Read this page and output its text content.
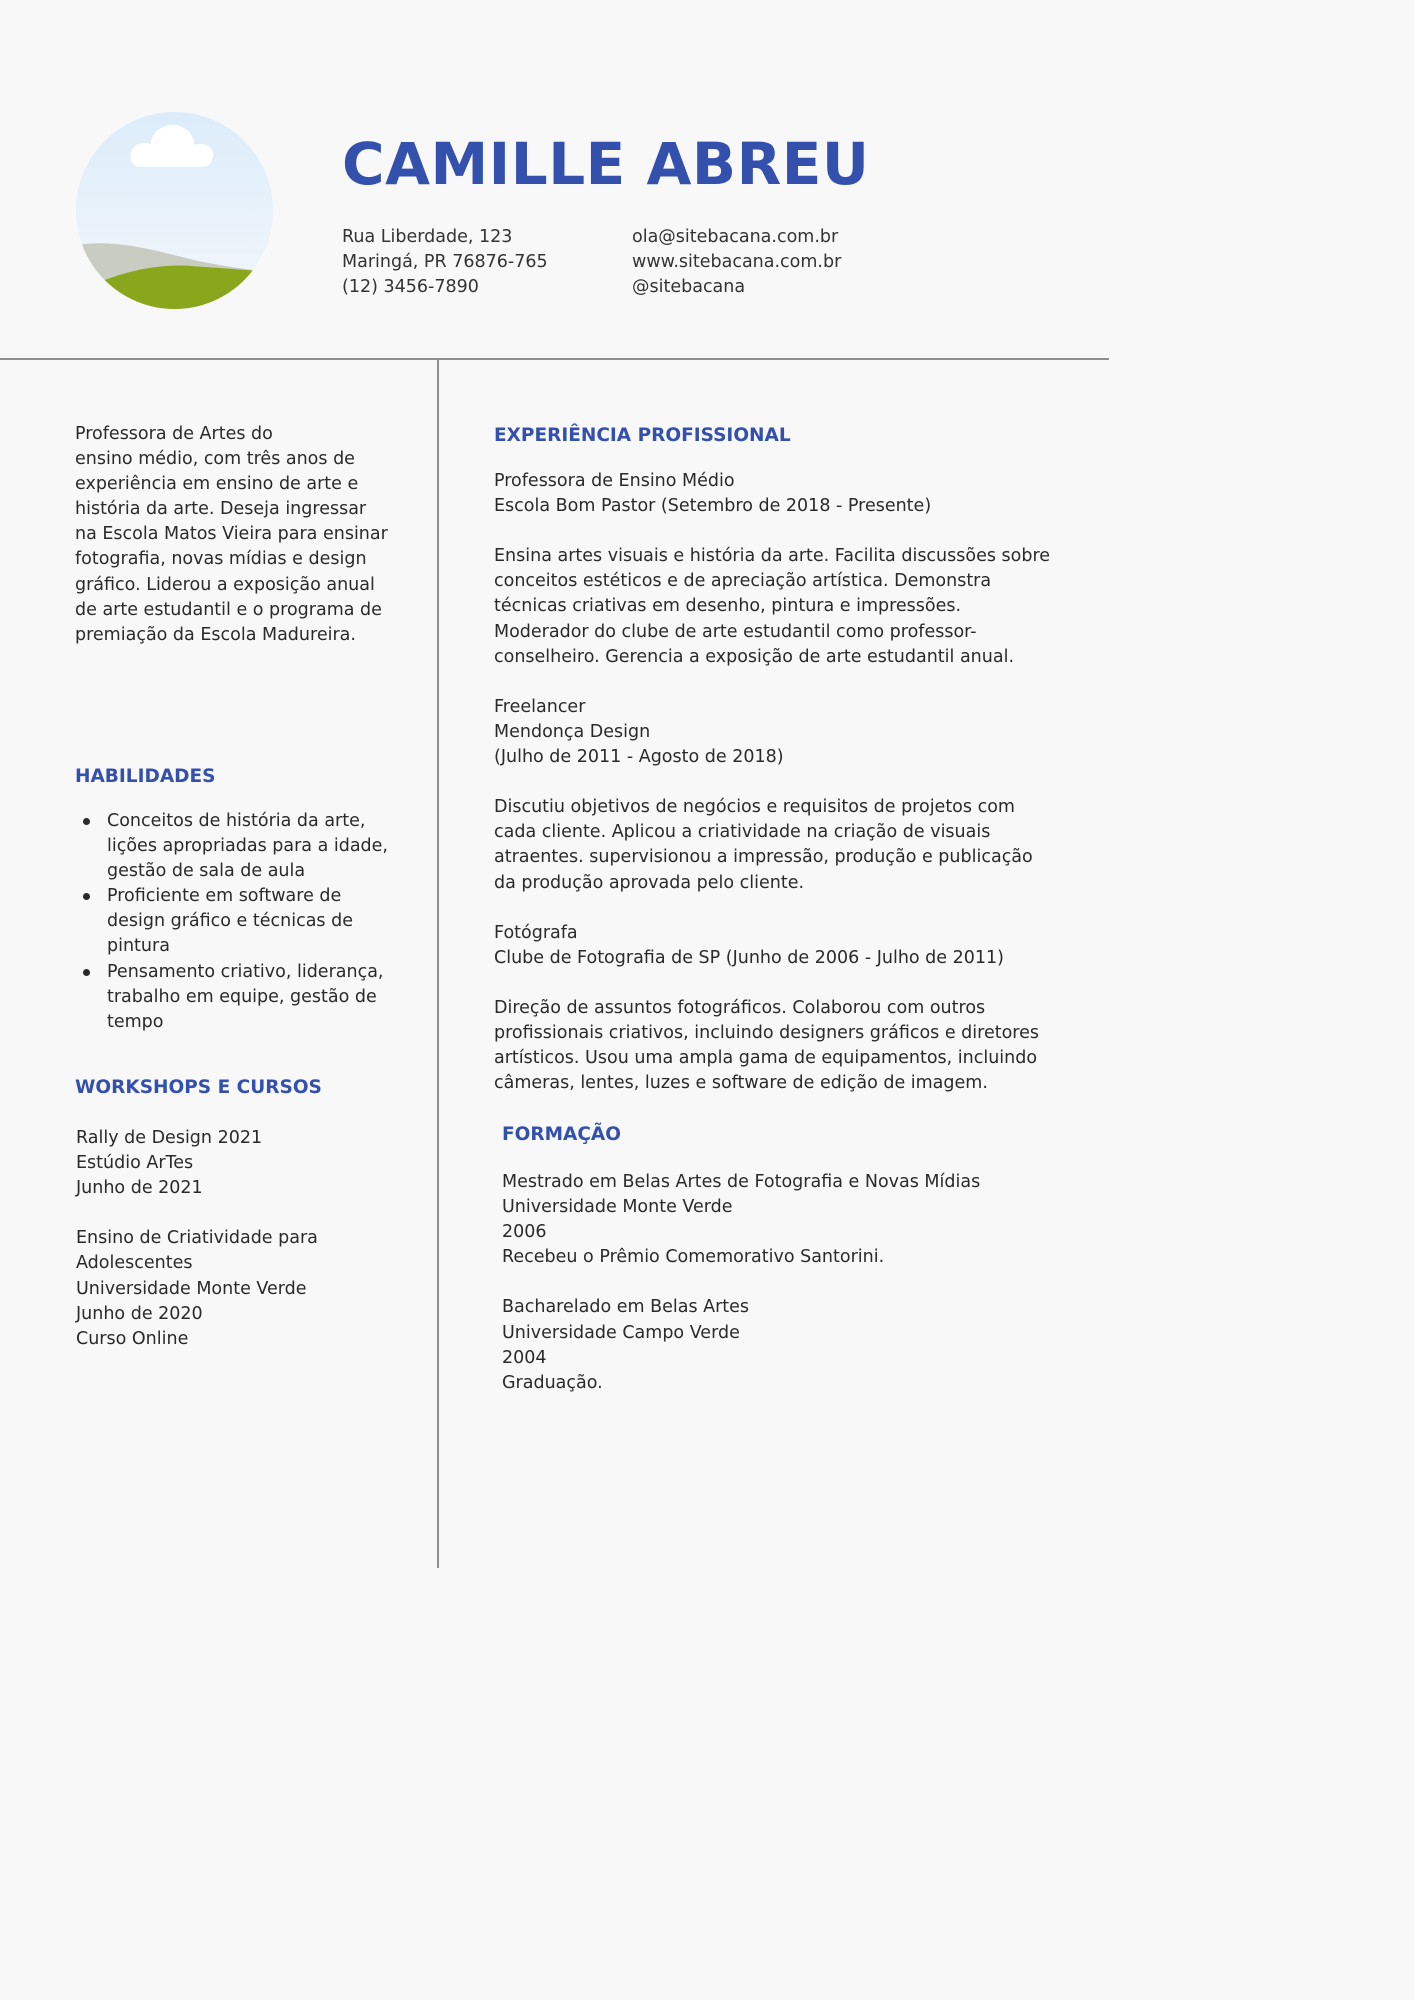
CAMILLE ABREU
Rua Liberdade, 123
Maringá, PR 76876-765
(12) 3456-7890
ola@sitebacana.com.br
www.sitebacana.com.br
@sitebacana
Professora de Artes do
ensino médio, com três anos de
experiência em ensino de arte e
história da arte. Deseja ingressar
na Escola Matos Vieira para ensinar
fotografia, novas mídias e design
gráfico. Liderou a exposição anual
de arte estudantil e o programa de
premiação da Escola Madureira.
HABILIDADES
Conceitos de história da arte,
lições apropriadas para a idade,
gestão de sala de aula
Proficiente em software de
design gráfico e técnicas de
pintura
Pensamento criativo, liderança,
trabalho em equipe, gestão de
tempo
WORKSHOPS E CURSOS
Rally de Design 2021
Estúdio ArTes
Junho de 2021
Ensino de Criatividade para
Adolescentes
Universidade Monte Verde
Junho de 2020
Curso Online
EXPERIÊNCIA PROFISSIONAL
Professora de Ensino Médio
Escola Bom Pastor (Setembro de 2018 - Presente)
Ensina artes visuais e história da arte. Facilita discussões sobre
conceitos estéticos e de apreciação artística. Demonstra
técnicas criativas em desenho, pintura e impressões.
Moderador do clube de arte estudantil como professor-
conselheiro. Gerencia a exposição de arte estudantil anual.
Freelancer
Mendonça Design
(Julho de 2011 - Agosto de 2018)
Discutiu objetivos de negócios e requisitos de projetos com
cada cliente. Aplicou a criatividade na criação de visuais
atraentes. supervisionou a impressão, produção e publicação
da produção aprovada pelo cliente.
Fotógrafa
Clube de Fotografia de SP (Junho de 2006 - Julho de 2011)
Direção de assuntos fotográficos. Colaborou com outros
profissionais criativos, incluindo designers gráficos e diretores
artísticos. Usou uma ampla gama de equipamentos, incluindo
câmeras, lentes, luzes e software de edição de imagem.
FORMAÇÃO
Mestrado em Belas Artes de Fotografia e Novas Mídias
Universidade Monte Verde
2006
Recebeu o Prêmio Comemorativo Santorini.
Bacharelado em Belas Artes
Universidade Campo Verde
2004
Graduação.
